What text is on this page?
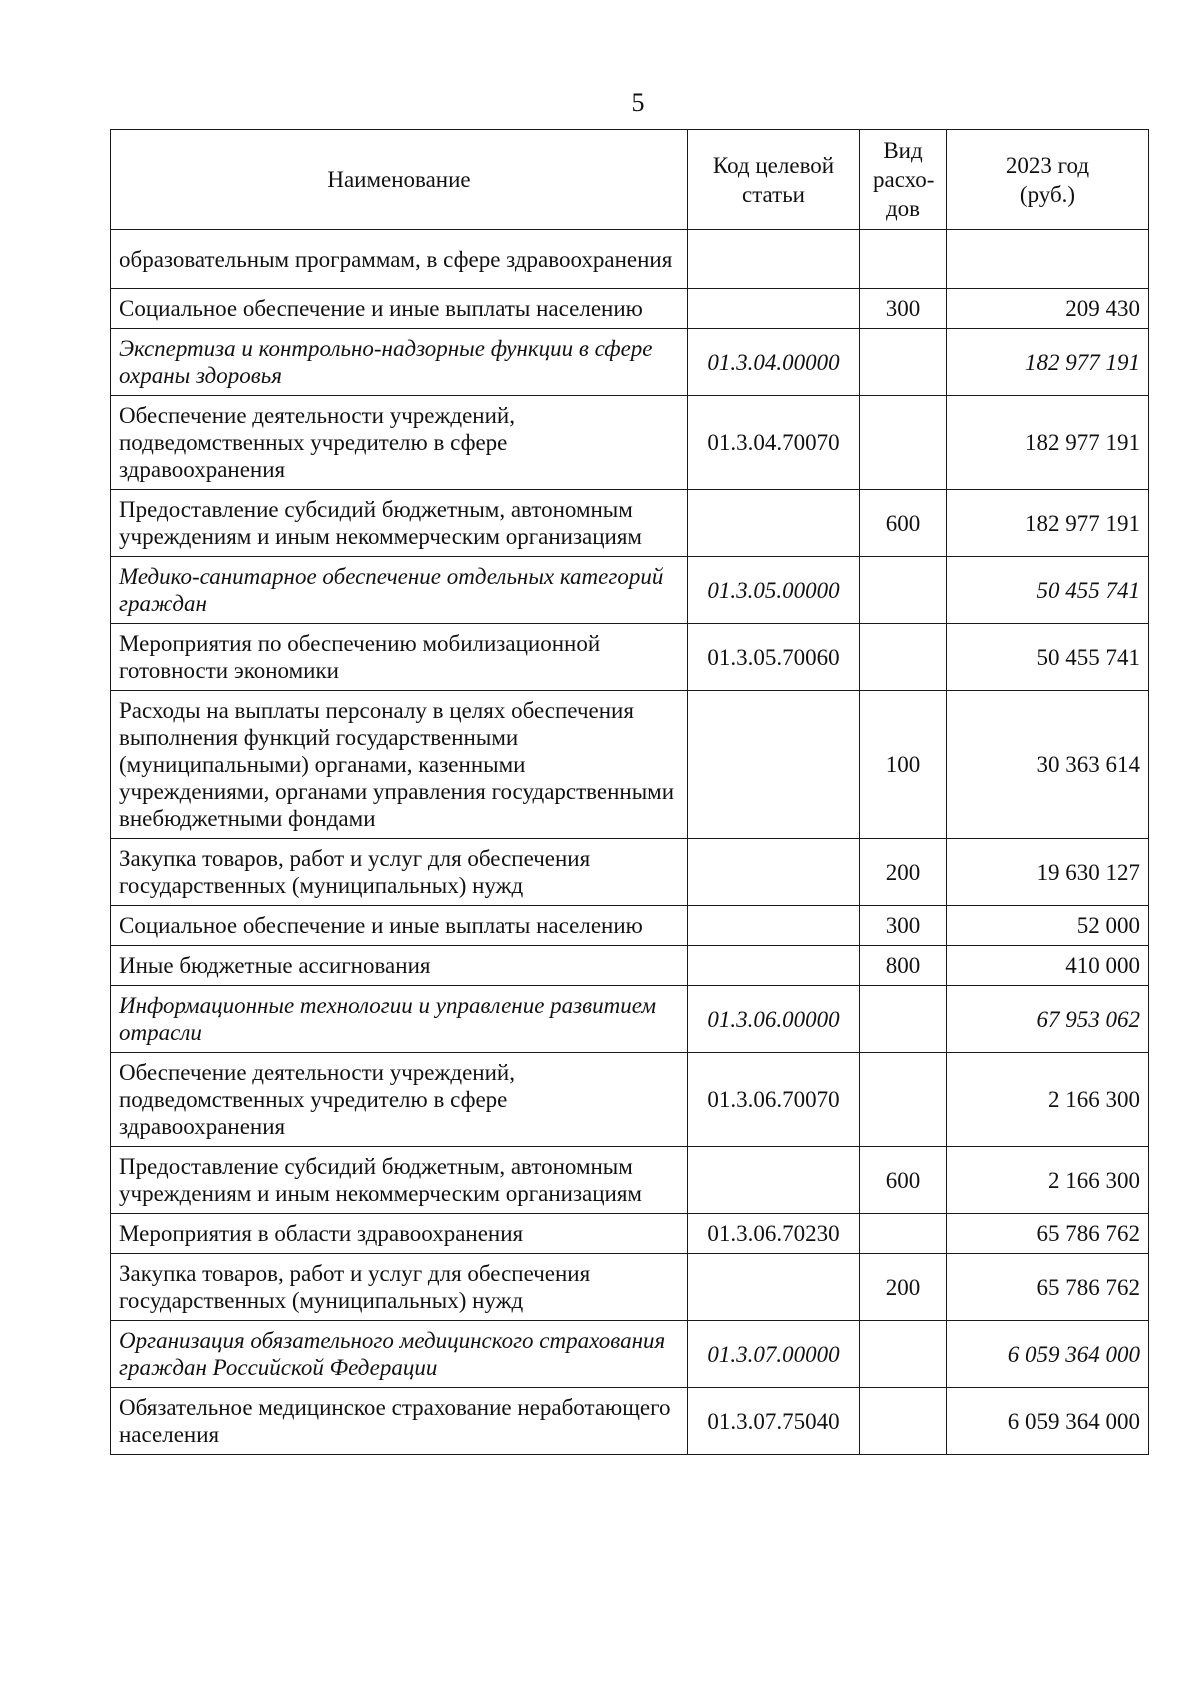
5
Наименование	Код целевой статьи	Вид расхо-дов	2023 год (руб.)
образовательным программам, в сфере здравоохранения			
Социальное обеспечение и иные выплаты населению		300	209 430
Экспертиза и контрольно-надзорные функции в сфере охраны здоровья	01.3.04.00000		182 977 191
Обеспечение деятельности учреждений, подведомственных учредителю в сфере здравоохранения	01.3.04.70070		182 977 191
Предоставление субсидий бюджетным, автономным учреждениям и иным некоммерческим организациям		600	182 977 191
Медико-санитарное обеспечение отдельных категорий граждан	01.3.05.00000		50 455 741
Мероприятия по обеспечению мобилизационной готовности экономики	01.3.05.70060		50 455 741
Расходы на выплаты персоналу в целях обеспечения выполнения функций государственными (муниципальными) органами, казенными учреждениями, органами управления государственными внебюджетными фондами		100	30 363 614
Закупка товаров, работ и услуг для обеспечения государственных (муниципальных) нужд		200	19 630 127
Социальное обеспечение и иные выплаты населению		300	52 000
Иные бюджетные ассигнования		800	410 000
Информационные технологии и управление развитием отрасли	01.3.06.00000		67 953 062
Обеспечение деятельности учреждений, подведомственных учредителю в сфере здравоохранения	01.3.06.70070		2 166 300
Предоставление субсидий бюджетным, автономным учреждениям и иным некоммерческим организациям		600	2 166 300
Мероприятия в области здравоохранения	01.3.06.70230		65 786 762
Закупка товаров, работ и услуг для обеспечения государственных (муниципальных) нужд		200	65 786 762
Организация обязательного медицинского страхования граждан Российской Федерации	01.3.07.00000		6 059 364 000
Обязательное медицинское страхование неработающего населения	01.3.07.75040		6 059 364 000
